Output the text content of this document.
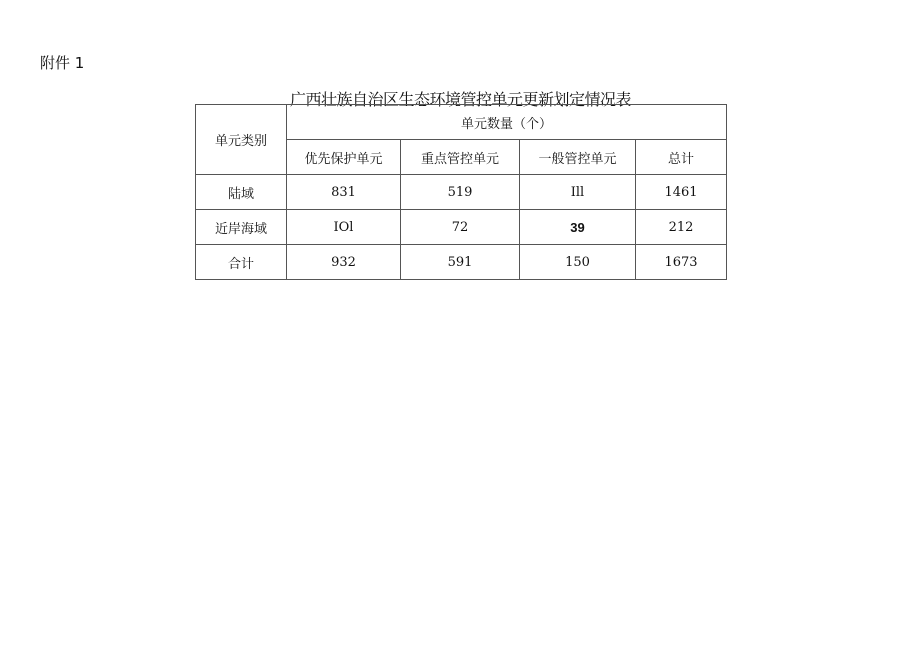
附件 1
广西壮族自治区生态环境管控单元更新划定情况表
单元类别	单元数量（个）			
	优先保护单元	重点管控单元	一般管控单元	总计
陆域	831	519	Ill	1461
近岸海域	IOl	72	39	212
合计	932	591	150	1673
